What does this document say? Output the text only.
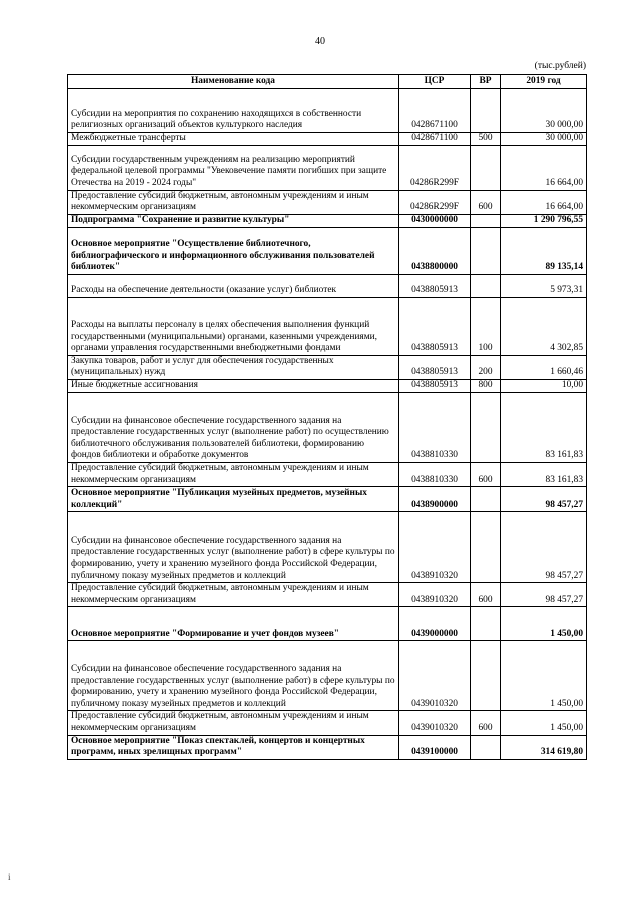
40
(тыс.рублей)
Наименование кода	ЦСР	ВР	2019 год
Субсидии на мероприятия по сохранению находящихся в собственности религиозных организаций объектов культуркого наследия	0428671100		30 000,00
Межбюджетные трансферты	0428671100	500	30 000,00
Субсидии государственным учреждениям на реализацию мероприятий федеральной целевой программы "Увековечение памяти погибших при защите Отечества на 2019 - 2024 годы"	04286R299F		16 664,00
Предоставление субсидий бюджетным, автономным учреждениям и иным некоммерческим организациям	04286R299F	600	16 664,00
Подпрограмма "Сохранение и развитие культуры"	0430000000		1 290 796,55
Основное мероприятие "Осуществление библиотечного, библиографического и информационного обслуживания пользователей библиотек"	0438800000		89 135,14
Расходы на обеспечение деятельности (оказание услуг) библиотек	0438805913		5 973,31
Расходы на выплаты персоналу в целях обеспечения выполнения функций государственными (муниципальными) органами, казенными учреждениями, органами управления государственными внебюджетными фондами	0438805913	100	4 302,85
Закупка товаров, работ и услуг для обеспечения государственных (муниципальных) нужд	0438805913	200	1 660,46
Иные бюджетные ассигнования	0438805913	800	10,00
Субсидии на финансовое обеспечение государственного задания на предоставление государственных услуг (выполнение работ) по осуществлению библиотечного обслуживания пользователей библиотеки, формированию фондов библиотеки и обработке документов	0438810330		83 161,83
Предоставление субсидий бюджетным, автономным учреждениям и иным некоммерческим организациям	0438810330	600	83 161,83
Основное мероприятие "Публикация музейных предметов, музейных коллекций"	0438900000		98 457,27
Субсидии на финансовое обеспечение государственного задания на предоставление государственных услуг (выполнение работ) в сфере культуры по формированию, учету и хранению музейного фонда Российской Федерации, публичному показу музейных предметов и коллекций	0438910320		98 457,27
Предоставление субсидий бюджетным, автономным учреждениям и иным некоммерческим организациям	0438910320	600	98 457,27
Основное мероприятие "Формирование и учет фондов музеев"	0439000000		1 450,00
Субсидии на финансовое обеспечение государственного задания на предоставление государственных услуг (выполнение работ) в сфере культуры по формированию, учету и хранению музейного фонда Российской Федерации, публичному показу музейных предметов и коллекций	0439010320		1 450,00
Предоставление субсидий бюджетным, автономным учреждениям и иным некоммерческим организациям	0439010320	600	1 450,00
Основное мероприятие "Показ спектаклей, концертов и концертных программ, иных зрелищных программ"	0439100000		314 619,80
i
